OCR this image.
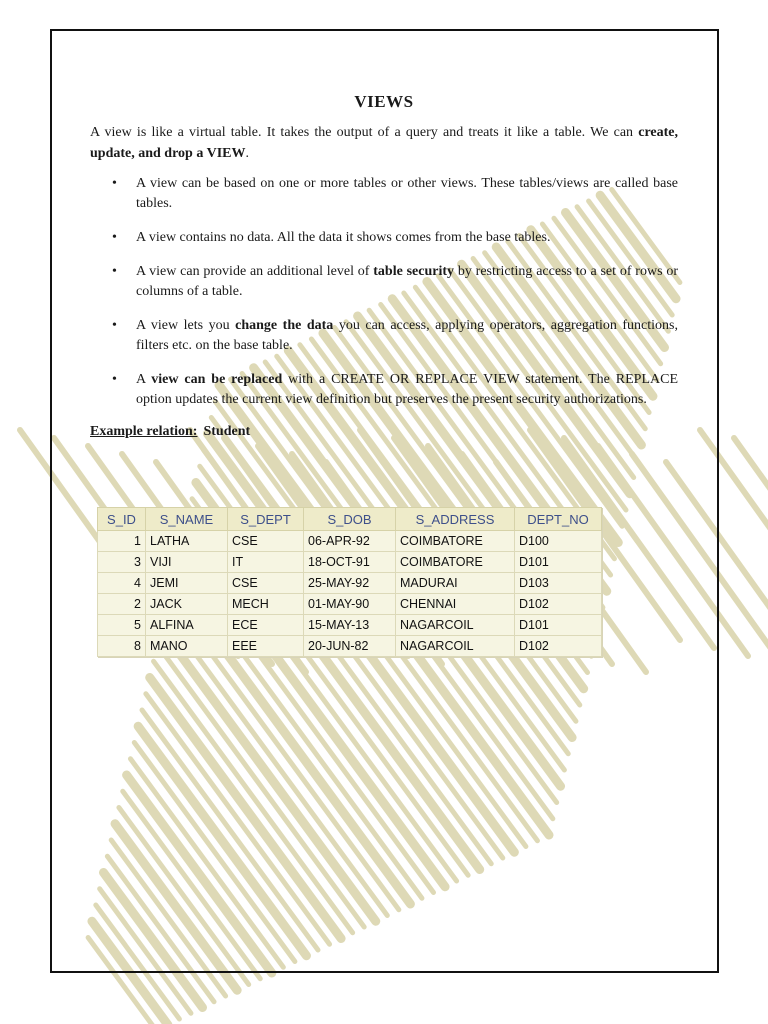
VIEWS

A view is like a virtual table. It takes the output of a query and treats it like a table. We can create, update, and drop a VIEW.

• A view can be based on one or more tables or other views. These tables/views are called base tables.
• A view contains no data. All the data it shows comes from the base tables.
• A view can provide an additional level of table security by restricting access to a set of rows or columns of a table.
• A view lets you change the data you can access, applying operators, aggregation functions, filters etc. on the base table.
• A view can be replaced with a CREATE OR REPLACE VIEW statement. The REPLACE option updates the current view definition but preserves the present security authorizations.
Example relation: Student
S_ID	S_NAME	S_DEPT	S_DOB	S_ADDRESS	DEPT_NO
1	LATHA	CSE	06-APR-92	COIMBATORE	D100
3	VIJI	IT	18-OCT-91	COIMBATORE	D101
4	JEMI	CSE	25-MAY-92	MADURAI	D103
2	JACK	MECH	01-MAY-90	CHENNAI	D102
5	ALFINA	ECE	15-MAY-13	NAGARCOIL	D101
8	MANO	EEE	20-JUN-82	NAGARCOIL	D102
